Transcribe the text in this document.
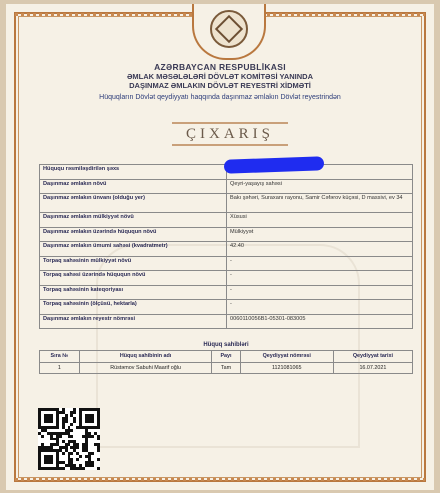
AZƏRBAYCAN RESPUBLİKASI
ƏMLAK MƏSƏLƏLƏRİ DÖVLƏT KOMİTƏSİ YANINDA
DAŞINMAZ ƏMLAKIN DÖVLƏT REYESTRİ XİDMƏTİ
Hüquqların Dövlət qeydiyyatı haqqında daşınmaz əmlakın Dövlət reyestrindən
ÇIXARIŞ
Hüququ rəsmiləşdirilən şəxs	
Daşınmaz əmlakın növü	Qeyri-yaşayış sahəsi
Daşınmaz əmlakın ünvanı (olduğu yer)	Bakı şəhəri, Suraxanı rayonu, Samir Cəfərov küçəsi, D massivi, ev 34
Daşınmaz əmlakın mülkiyyət növü	Xüsusi
Daşınmaz əmlakın üzərində hüququn növü	Mülkiyyət
Daşınmaz əmlakın ümumi sahəsi (kvadratmetr)	42.40
Torpaq sahəsinin mülkiyyət növü	-
Torpaq sahəsi üzərində hüququn növü	-
Torpaq sahəsinin kateqoriyası	-
Torpaq sahəsinin (ölçüsü, hektarla)	-
Daşınmaz əmlakın reyestr nömrəsi	0060110056B1-05301-083005
Hüquq sahibləri
Sıra №	Hüquq sahibinin adı	Payı	Qeydiyyat nömrəsi	Qeydiyyat tarixi
1	Rüstəmov Sabuhi Maarif oğlu	Tam	1121081065	16.07.2021
